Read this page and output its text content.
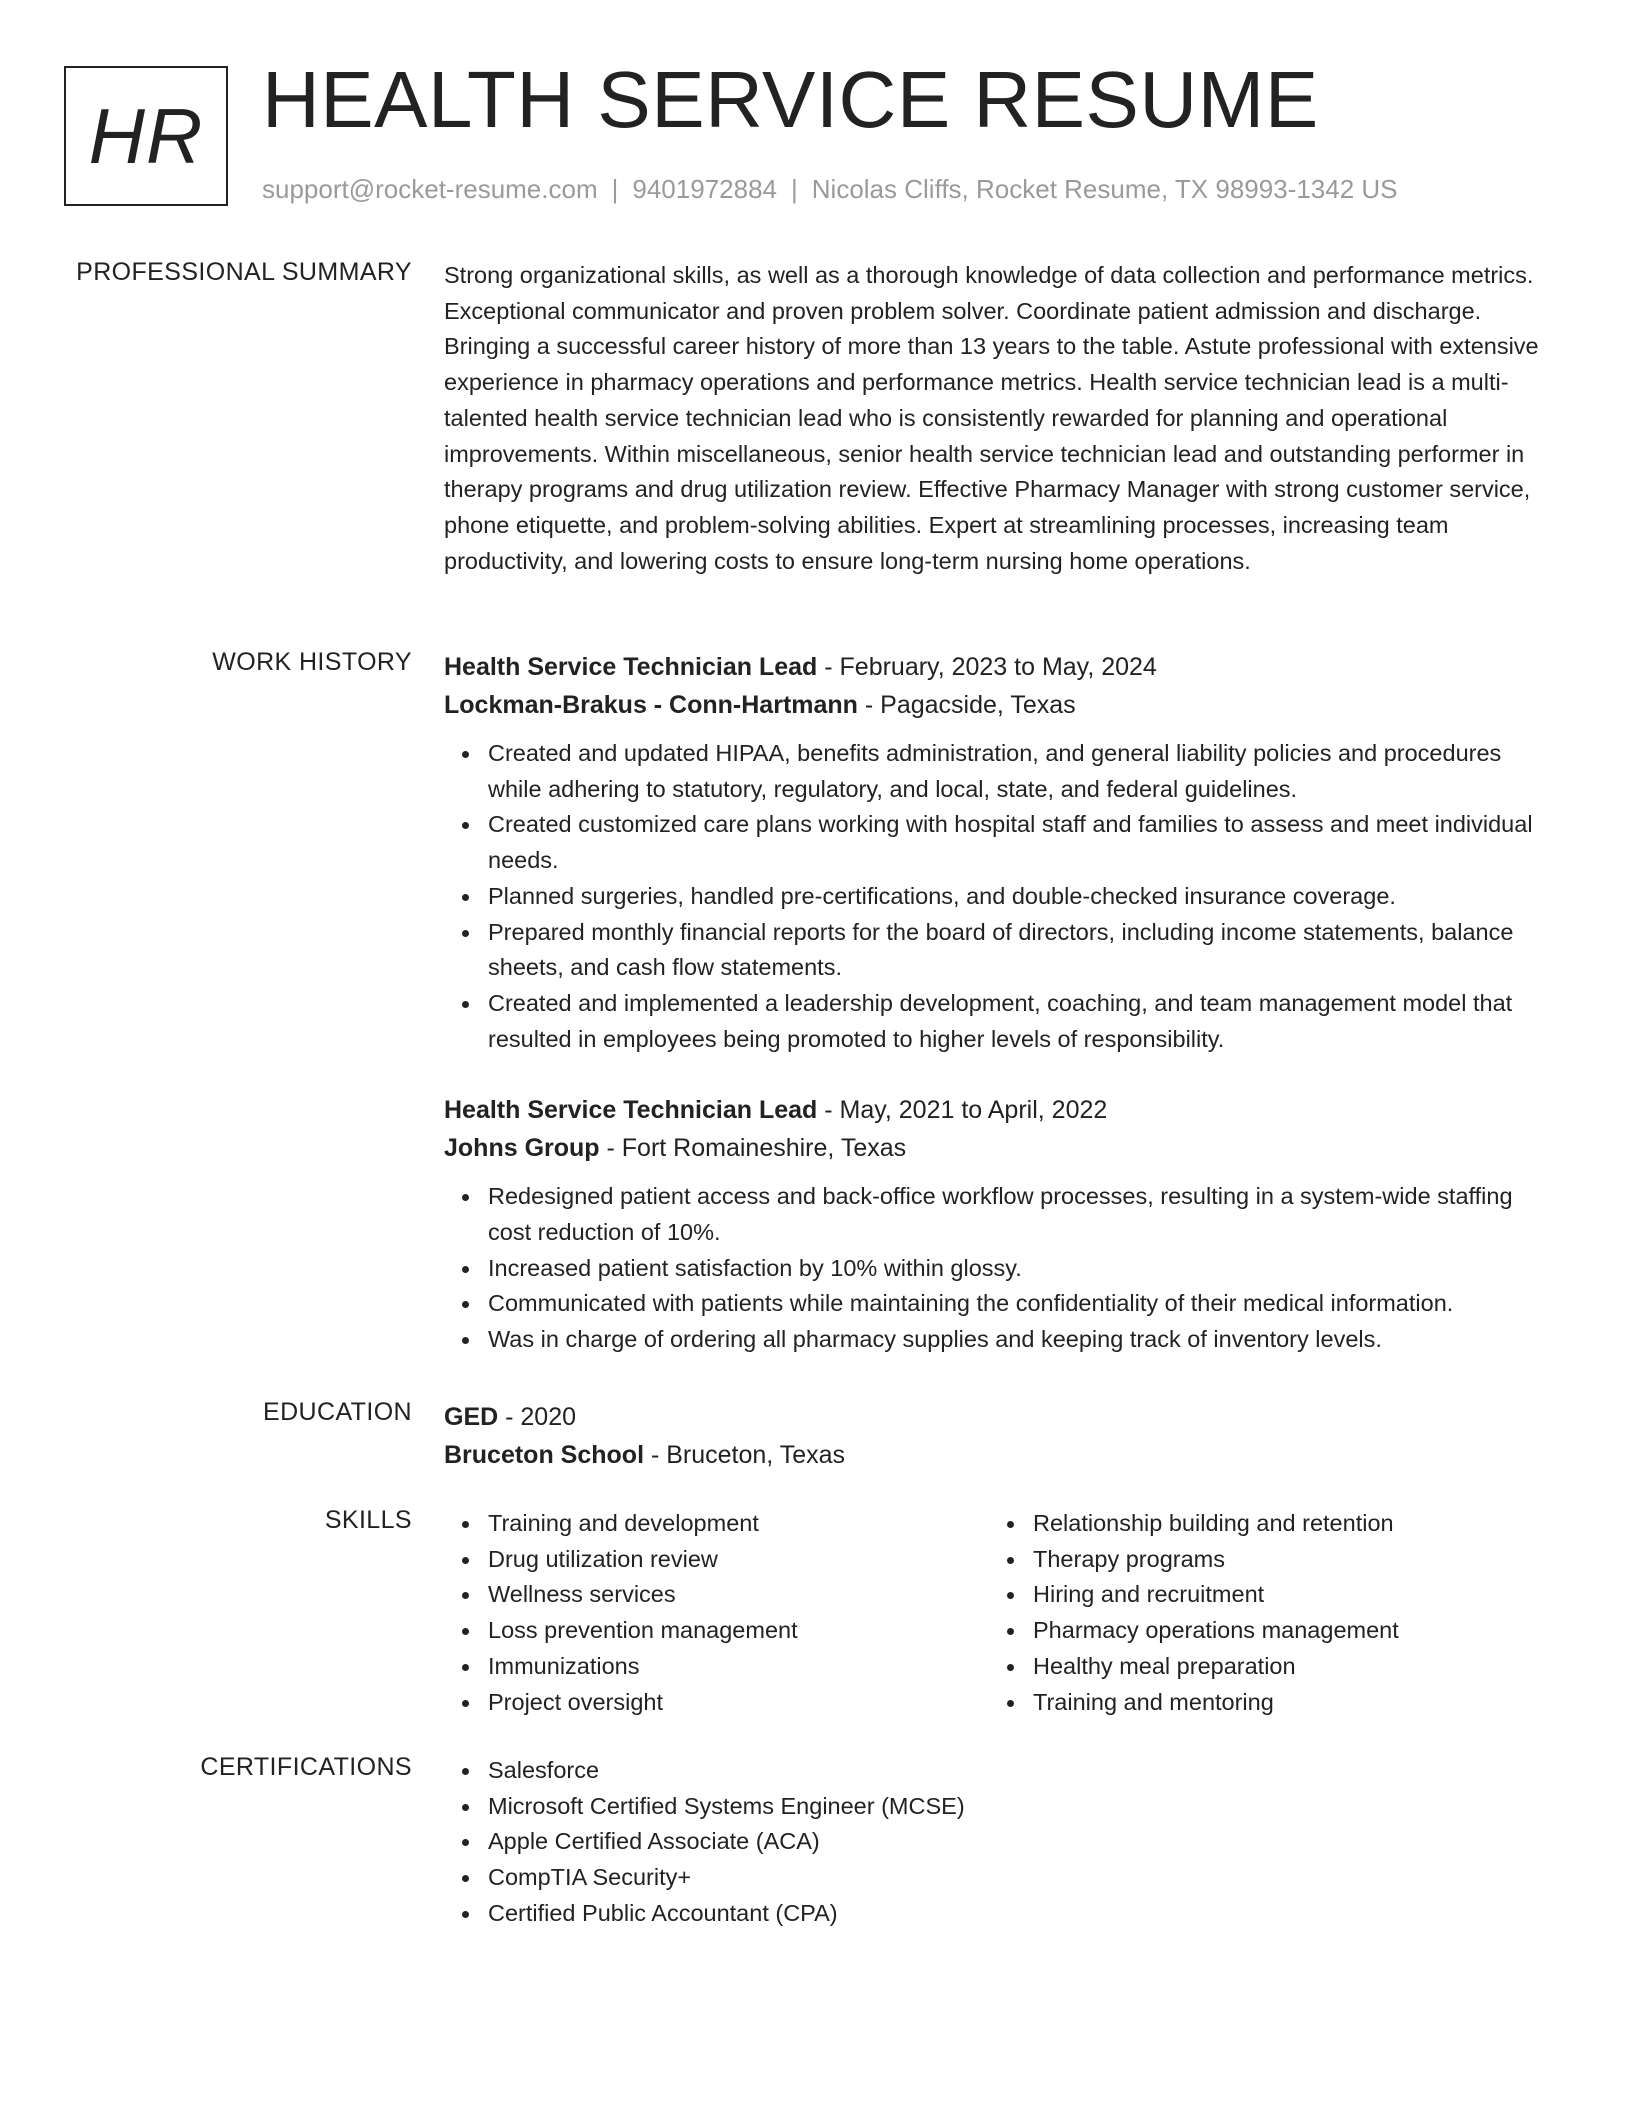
HR HEALTH SERVICE RESUME
support@rocket-resume.com | 9401972884 | Nicolas Cliffs, Rocket Resume, TX 98993-1342 US
PROFESSIONAL SUMMARY Strong organizational skills, as well as a thorough knowledge of data collection and performance metrics. Exceptional communicator and proven problem solver. Coordinate patient admission and discharge. Bringing a successful career history of more than 13 years to the table. Astute professional with extensive experience in pharmacy operations and performance metrics. Health service technician lead is a multi-talented health service technician lead who is consistently rewarded for planning and operational improvements. Within miscellaneous, senior health service technician lead and outstanding performer in therapy programs and drug utilization review. Effective Pharmacy Manager with strong customer service, phone etiquette, and problem-solving abilities. Expert at streamlining processes, increasing team productivity, and lowering costs to ensure long-term nursing home operations.

WORK HISTORY Health Service Technician Lead - February, 2023 to May, 2024
Lockman-Brakus - Conn-Hartmann - Pagacside, Texas
Created and updated HIPAA, benefits administration, and general liability policies and procedures while adhering to statutory, regulatory, and local, state, and federal guidelines.
Created customized care plans working with hospital staff and families to assess and meet individual needs.
Planned surgeries, handled pre-certifications, and double-checked insurance coverage.
Prepared monthly financial reports for the board of directors, including income statements, balance sheets, and cash flow statements.
Created and implemented a leadership development, coaching, and team management model that resulted in employees being promoted to higher levels of responsibility.
Health Service Technician Lead - May, 2021 to April, 2022
Johns Group - Fort Romaineshire, Texas
Redesigned patient access and back-office workflow processes, resulting in a system-wide staffing cost reduction of 10%.
Increased patient satisfaction by 10% within glossy.
Communicated with patients while maintaining the confidentiality of their medical information.
Was in charge of ordering all pharmacy supplies and keeping track of inventory levels.
EDUCATION GED - 2020
Bruceton School - Bruceton, Texas
SKILLS	Training and development
Drug utilization review
Wellness services
Loss prevention management
Immunizations
Project oversight
Relationship building and retention
Therapy programs
Hiring and recruitment
Pharmacy operations management
Healthy meal preparation
Training and mentoring
CERTIFICATIONS	Salesforce
Microsoft Certified Systems Engineer (MCSE)
Apple Certified Associate (ACA)
CompTIA Security+
Certified Public Accountant (CPA)
